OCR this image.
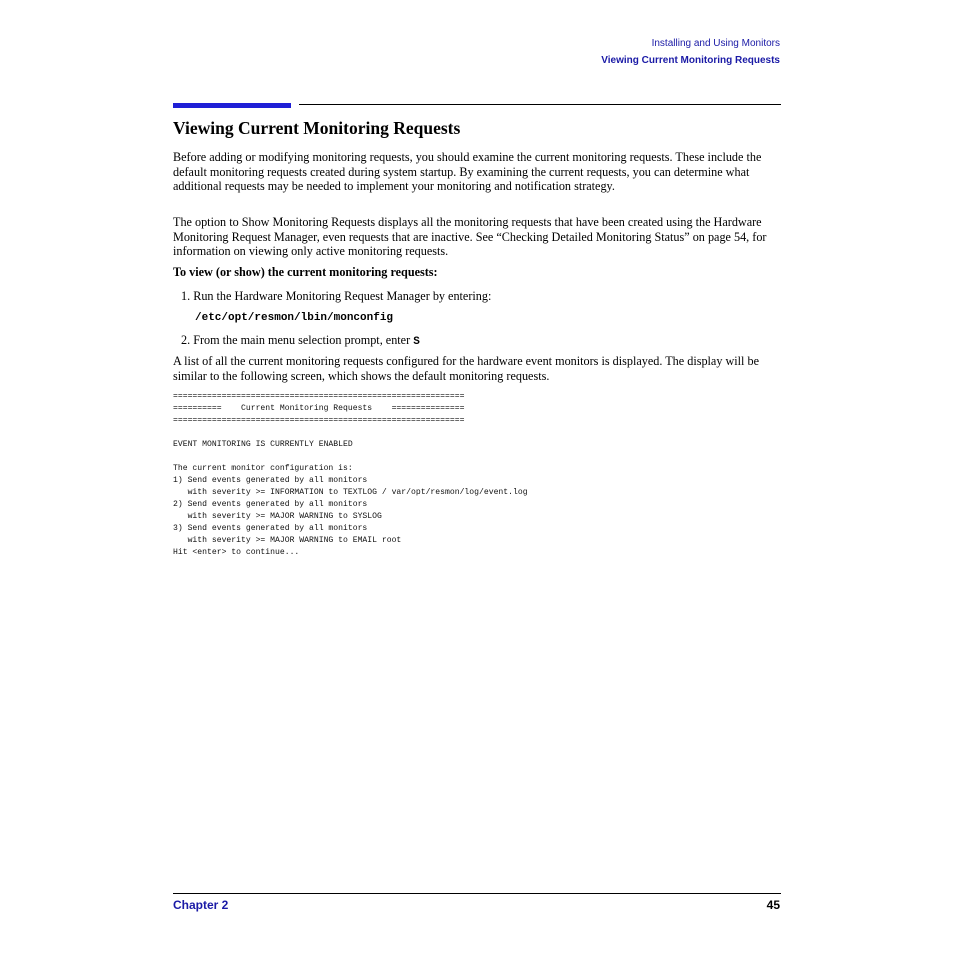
Installing and Using Monitors
Viewing Current Monitoring Requests
Viewing Current Monitoring Requests
Before adding or modifying monitoring requests, you should examine the current monitoring requests. These include the default monitoring requests created during system startup. By examining the current requests, you can determine what additional requests may be needed to implement your monitoring and notification strategy.
The option to Show Monitoring Requests displays all the monitoring requests that have been created using the Hardware Monitoring Request Manager, even requests that are inactive. See “Checking Detailed Monitoring Status” on page 54, for information on viewing only active monitoring requests.
To view (or show) the current monitoring requests:
1. Run the Hardware Monitoring Request Manager by entering:
/etc/opt/resmon/lbin/monconfig
2. From the main menu selection prompt, enter S
A list of all the current monitoring requests configured for the hardware event monitors is displayed. The display will be similar to the following screen, which shows the default monitoring requests.
============================================================
==========    Current Monitoring Requests    ===============
============================================================

EVENT MONITORING IS CURRENTLY ENABLED

The current monitor configuration is:
1) Send events generated by all monitors
with severity >= INFORMATION to TEXTLOG / var/opt/resmon/log/event.log
2) Send events generated by all monitors
with severity >= MAJOR WARNING to SYSLOG
3) Send events generated by all monitors
with severity >= MAJOR WARNING to EMAIL root
Hit <enter> to continue...
Chapter 2	45
